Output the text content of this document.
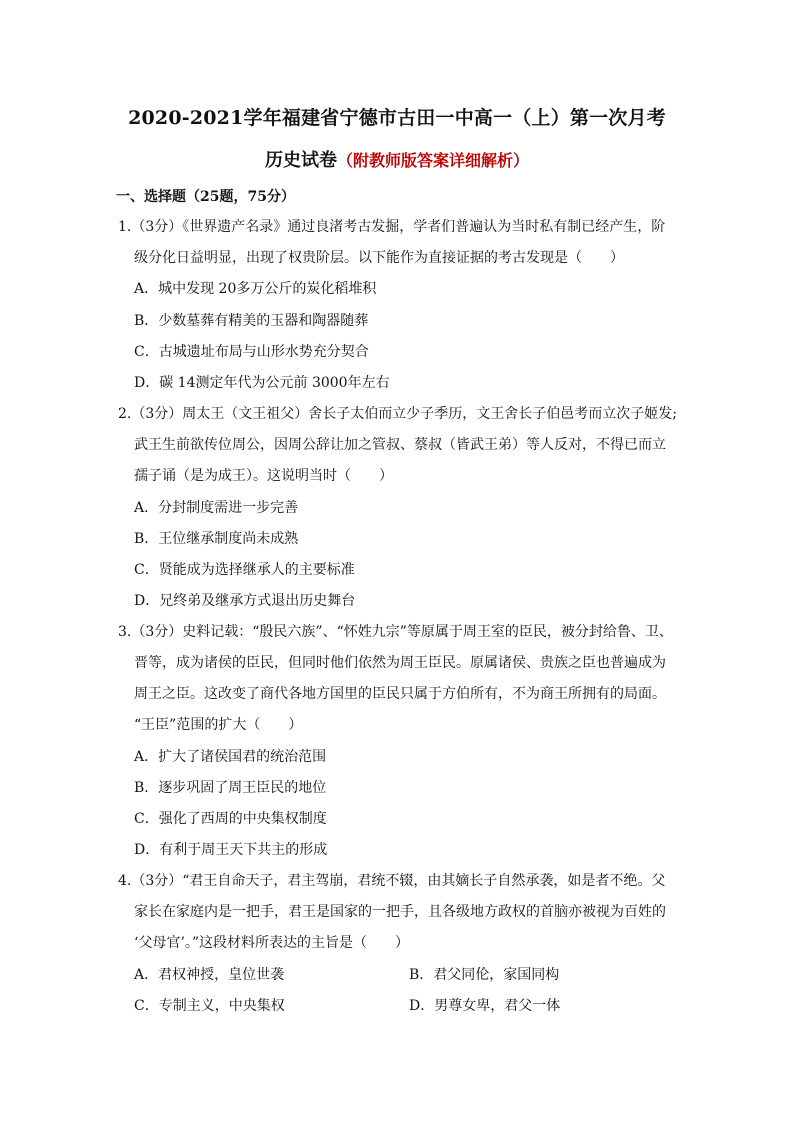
2020-2021学年福建省宁德市古田一中高一（上）第一次月考
历史试卷（附教师版答案详细解析）
一、选择题（25题，75分）
1.（3分）《世界遗产名录》通过良渚考古发掘，学者们普遍认为当时私有制已经产生，阶
级分化日益明显，出现了权贵阶层。以下能作为直接证据的考古发现是（　　）
A．城中发现 20多万公斤的炭化稻堆积
B．少数墓葬有精美的玉器和陶器随葬
C．古城遗址布局与山形水势充分契合
D．碳 14测定年代为公元前 3000年左右
2.（3分）周太王（文王祖父）舍长子太伯而立少子季历，文王舍长子伯邑考而立次子姬发;
武王生前欲传位周公，因周公辞让加之管叔、蔡叔（皆武王弟）等人反对，不得已而立
孺子诵（是为成王）。这说明当时（　　）
A．分封制度需进一步完善
B．王位继承制度尚未成熟
C．贤能成为选择继承人的主要标准
D．兄终弟及继承方式退出历史舞台
3.（3分）史料记载：“殷民六族”、“怀姓九宗”等原属于周王室的臣民，被分封给鲁、卫、
晋等，成为诸侯的臣民，但同时他们依然为周王臣民。原属诸侯、贵族之臣也普遍成为
周王之臣。这改变了商代各地方国里的臣民只属于方伯所有，不为商王所拥有的局面。
“王臣”范围的扩大（　　）
A．扩大了诸侯国君的统治范围
B．逐步巩固了周王臣民的地位
C．强化了西周的中央集权制度
D．有利于周王天下共主的形成
4.（3分）“君王自命天子，君主驾崩，君统不辍，由其嫡长子自然承袭，如是者不绝。父
家长在家庭内是一把手，君王是国家的一把手，且各级地方政权的首脑亦被视为百姓的
‘父母官’。”这段材料所表达的主旨是（　　）
A．君权神授，皇位世袭	B．君父同伦，家国同构
C．专制主义，中央集权	D．男尊女卑，君父一体
